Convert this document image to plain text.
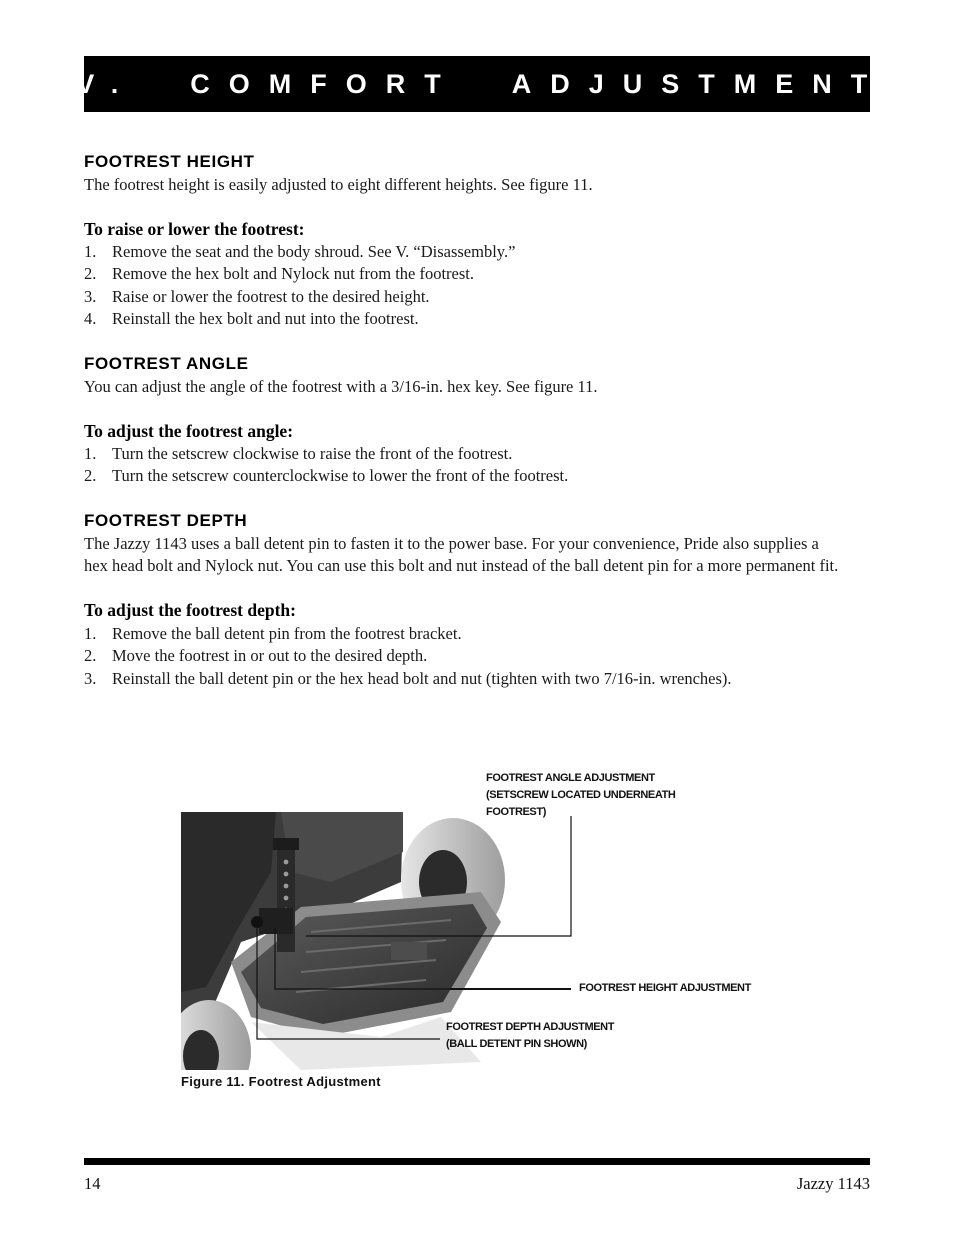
IV.  COMFORT  ADJUSTMENTS
FOOTREST HEIGHT
The footrest height is easily adjusted to eight different heights. See figure 11.
To raise or lower the footrest:
1. Remove the seat and the body shroud. See V. “Disassembly.”
2. Remove the hex bolt and Nylock nut from the footrest.
3. Raise or lower the footrest to the desired height.
4. Reinstall the hex bolt and nut into the footrest.
FOOTREST ANGLE
You can adjust the angle of the footrest with a 3/16-in. hex key. See figure 11.
To adjust the footrest angle:
1. Turn the setscrew clockwise to raise the front of the footrest.
2. Turn the setscrew counterclockwise to lower the front of the footrest.
FOOTREST DEPTH
The Jazzy 1143 uses a ball detent pin to fasten it to the power base. For your convenience, Pride also supplies a
hex head bolt and Nylock nut. You can use this bolt and nut instead of the ball detent pin for a more permanent fit.
To adjust the footrest depth:
1. Remove the ball detent pin from the footrest bracket.
2. Move the footrest in or out to the desired depth.
3. Reinstall the ball detent pin or the hex head bolt and nut (tighten with two 7/16-in. wrenches).
FOOTREST ANGLE ADJUSTMENT
(SETSCREW LOCATED UNDERNEATH
FOOTREST)
FOOTREST HEIGHT ADJUSTMENT
FOOTREST DEPTH ADJUSTMENT
(BALL DETENT PIN SHOWN)
Figure 11. Footrest Adjustment
14	Jazzy 1143
